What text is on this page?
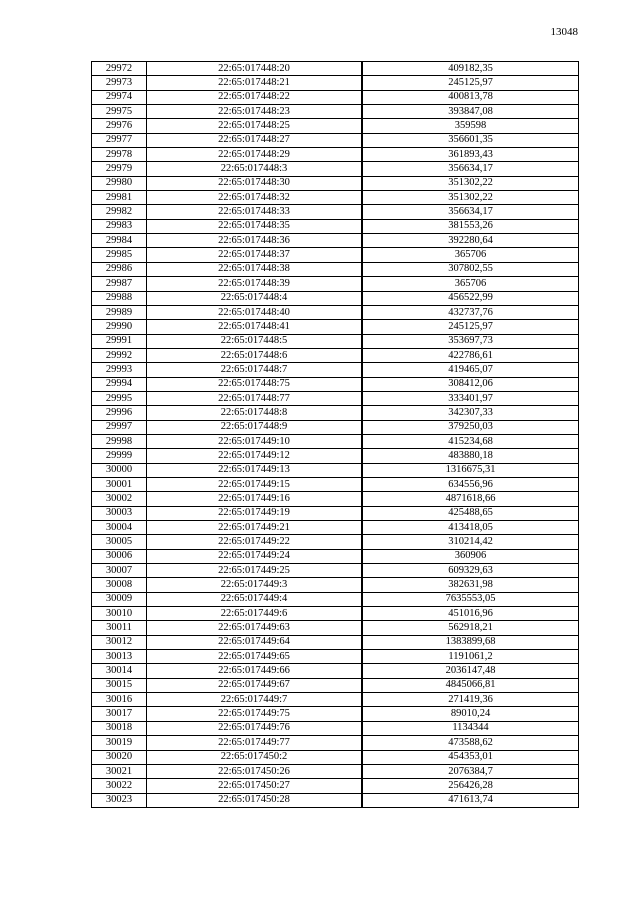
13048
29972	22:65:017448:20	409182,35
29973	22:65:017448:21	245125,97
29974	22:65:017448:22	400813,78
29975	22:65:017448:23	393847,08
29976	22:65:017448:25	359598
29977	22:65:017448:27	356601,35
29978	22:65:017448:29	361893,43
29979	22:65:017448:3	356634,17
29980	22:65:017448:30	351302,22
29981	22:65:017448:32	351302,22
29982	22:65:017448:33	356634,17
29983	22:65:017448:35	381553,26
29984	22:65:017448:36	392280,64
29985	22:65:017448:37	365706
29986	22:65:017448:38	307802,55
29987	22:65:017448:39	365706
29988	22:65:017448:4	456522,99
29989	22:65:017448:40	432737,76
29990	22:65:017448:41	245125,97
29991	22:65:017448:5	353697,73
29992	22:65:017448:6	422786,61
29993	22:65:017448:7	419465,07
29994	22:65:017448:75	308412,06
29995	22:65:017448:77	333401,97
29996	22:65:017448:8	342307,33
29997	22:65:017448:9	379250,03
29998	22:65:017449:10	415234,68
29999	22:65:017449:12	483880,18
30000	22:65:017449:13	1316675,31
30001	22:65:017449:15	634556,96
30002	22:65:017449:16	4871618,66
30003	22:65:017449:19	425488,65
30004	22:65:017449:21	413418,05
30005	22:65:017449:22	310214,42
30006	22:65:017449:24	360906
30007	22:65:017449:25	609329,63
30008	22:65:017449:3	382631,98
30009	22:65:017449:4	7635553,05
30010	22:65:017449:6	451016,96
30011	22:65:017449:63	562918,21
30012	22:65:017449:64	1383899,68
30013	22:65:017449:65	1191061,2
30014	22:65:017449:66	2036147,48
30015	22:65:017449:67	4845066,81
30016	22:65:017449:7	271419,36
30017	22:65:017449:75	89010,24
30018	22:65:017449:76	1134344
30019	22:65:017449:77	473588,62
30020	22:65:017450:2	454353,01
30021	22:65:017450:26	2076384,7
30022	22:65:017450:27	256426,28
30023	22:65:017450:28	471613,74
